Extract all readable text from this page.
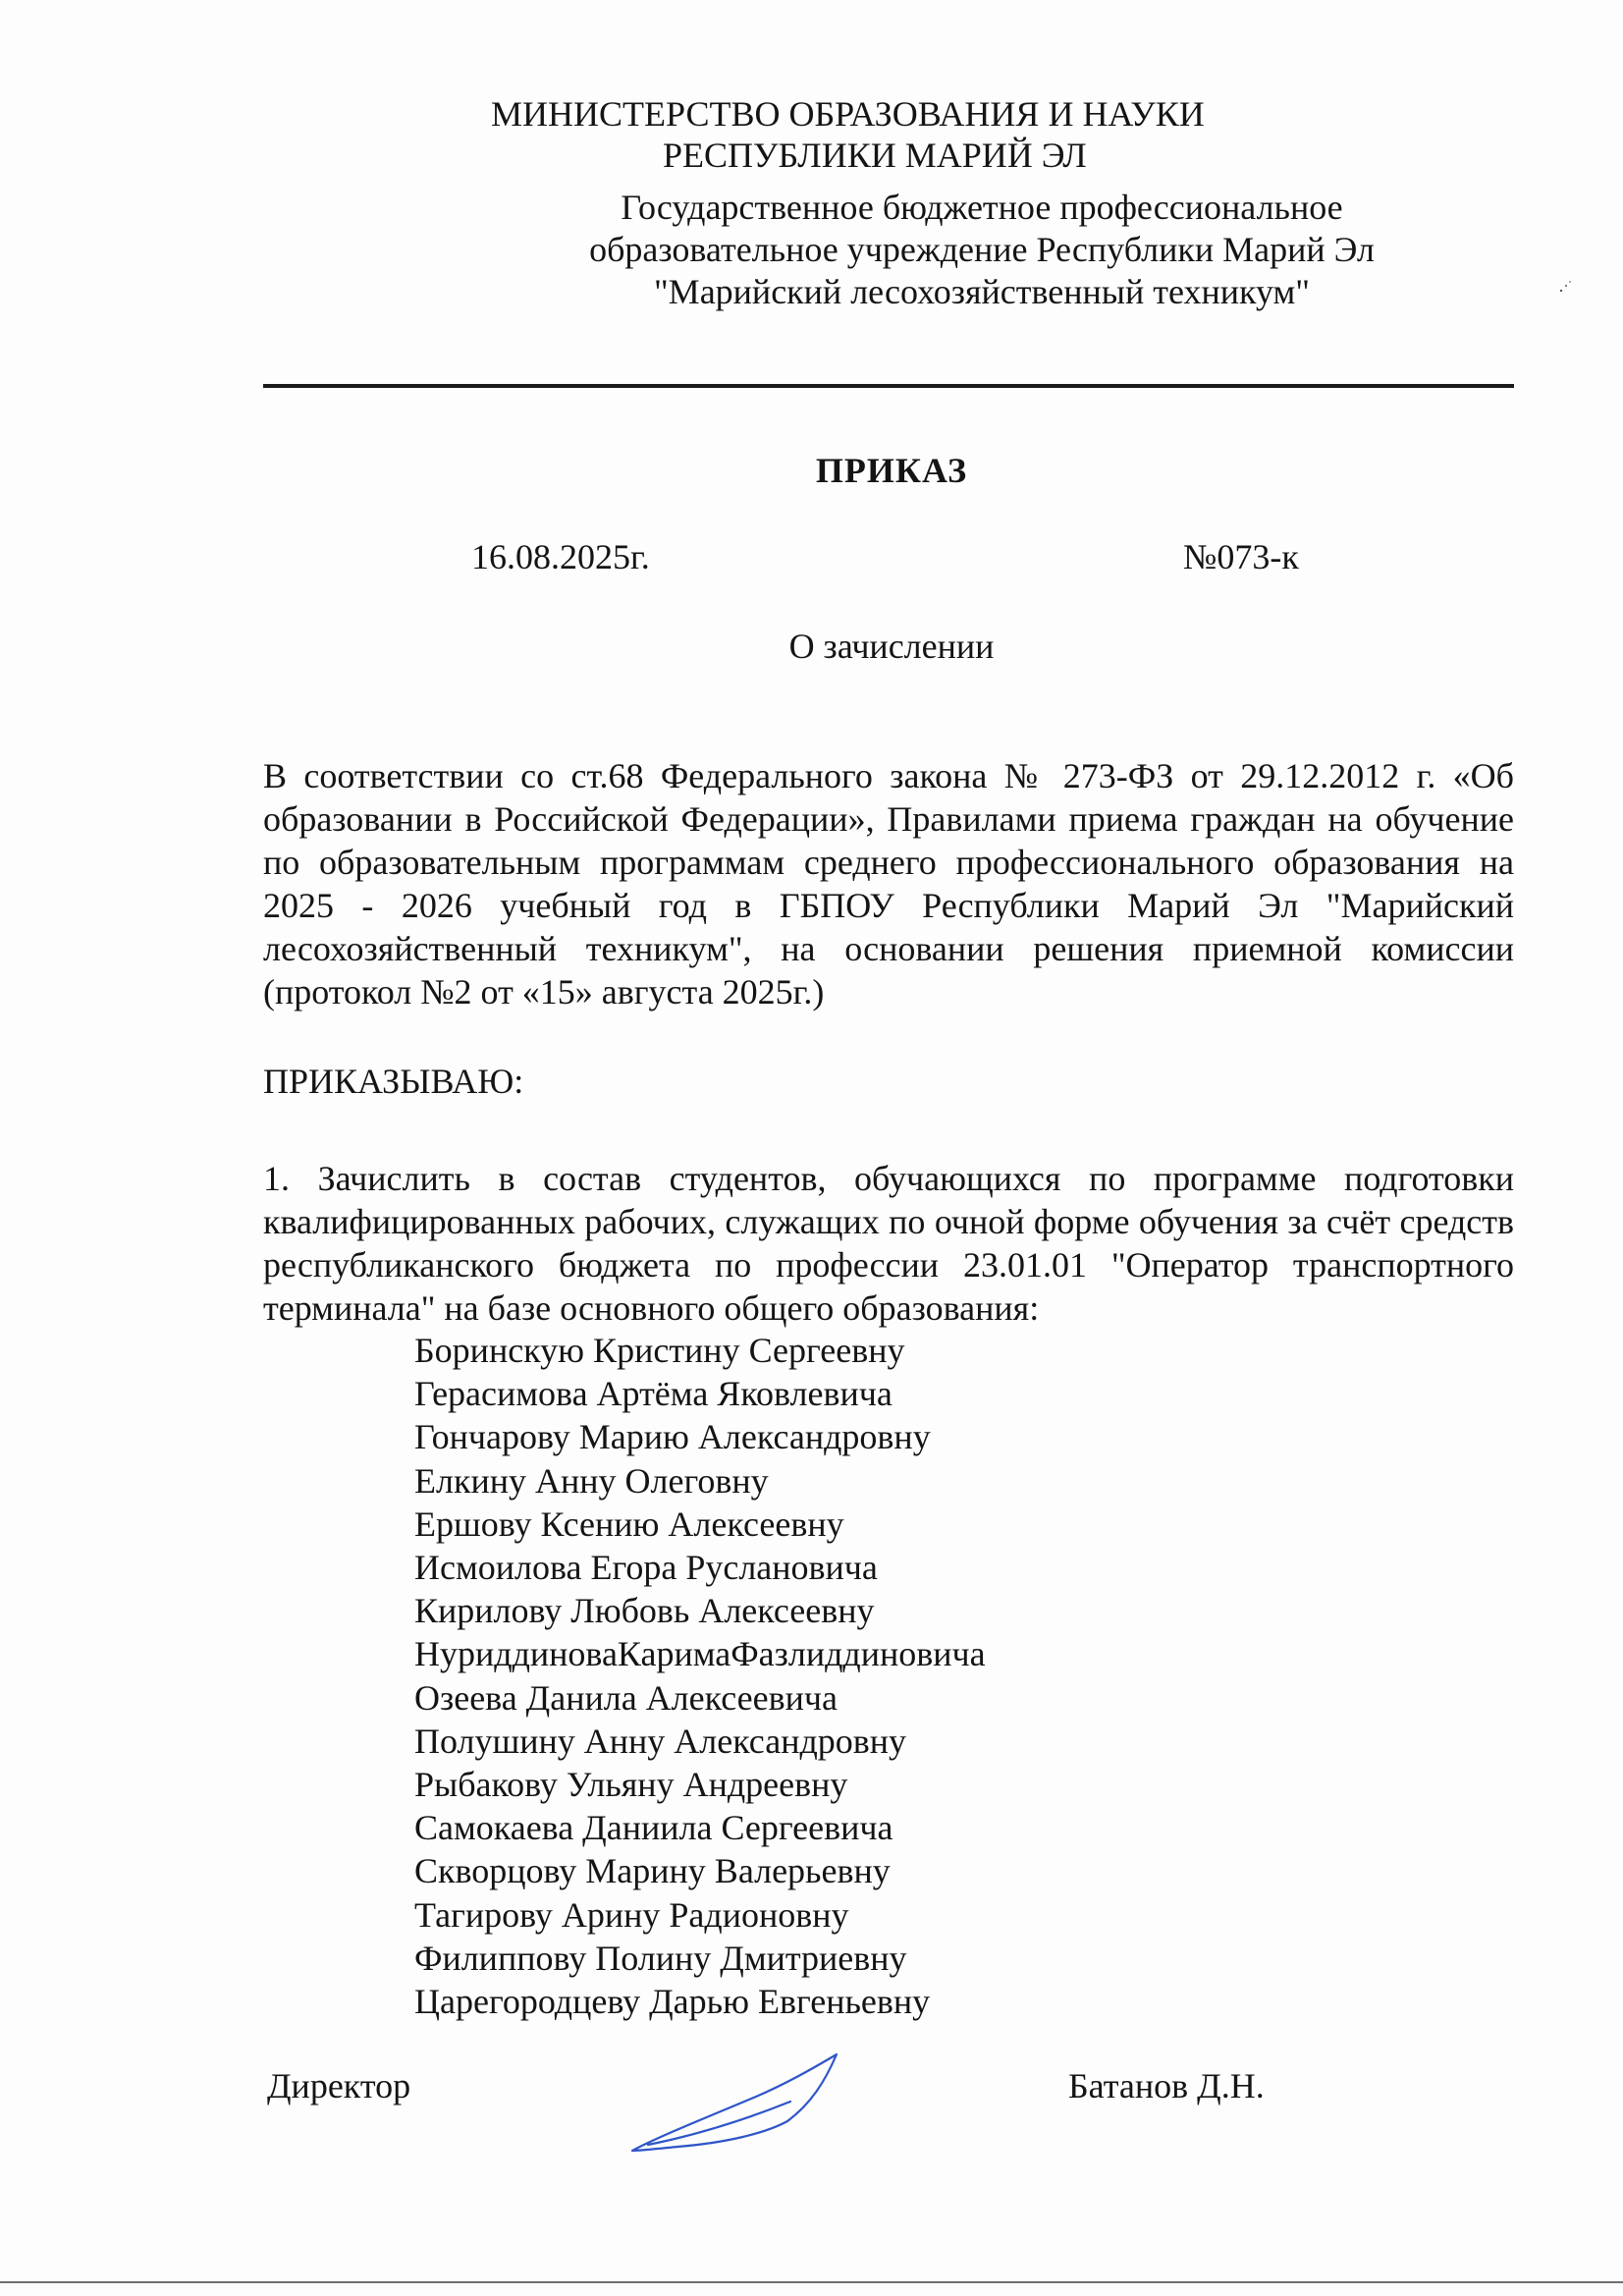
МИНИСТЕРСТВО ОБРАЗОВАНИЯ И НАУКИ
РЕСПУБЛИКИ МАРИЙ ЭЛ
Государственное бюджетное профессиональное
образовательное учреждение Республики Марий Эл
"Марийский лесохозяйственный техникум"
ПРИКАЗ
16.08.2025г.	№073-к
О зачислении

В соответствии со ст.68 Федерального закона № 273-ФЗ от 29.12.2012 г. «Об образовании в Российской Федерации», Правилами приема граждан на обучение по образовательным программам среднего профессионального образования на 2025 - 2026 учебный год в ГБПОУ Республики Марий Эл "Марийский лесохозяйственный техникум", на основании решения приемной комиссии (протокол №2 от «15» августа 2025г.)

ПРИКАЗЫВАЮ:

1. Зачислить в состав студентов, обучающихся по программе подготовки квалифицированных рабочих, служащих по очной форме обучения за счёт средств республиканского бюджета по профессии 23.01.01 "Оператор транспортного терминала" на базе основного общего образования:

Боринскую Кристину Сергеевну
Герасимова Артёма Яковлевича
Гончарову Марию Александровну
Елкину Анну Олеговну
Ершову Ксению Алексеевну
Исмоилова Егора Руслановича
Кирилову Любовь Алексеевну
НуриддиноваКаримаФазлиддиновича
Озеева Данила Алексеевича
Полушину Анну Александровну
Рыбакову Ульяну Андреевну
Самокаева Даниила Сергеевича
Скворцову Марину Валерьевну
Тагирову Арину Радионовну
Филиппову Полину Дмитриевну
Царегородцеву Дарью Евгеньевну
Директор	Батанов Д.Н.
